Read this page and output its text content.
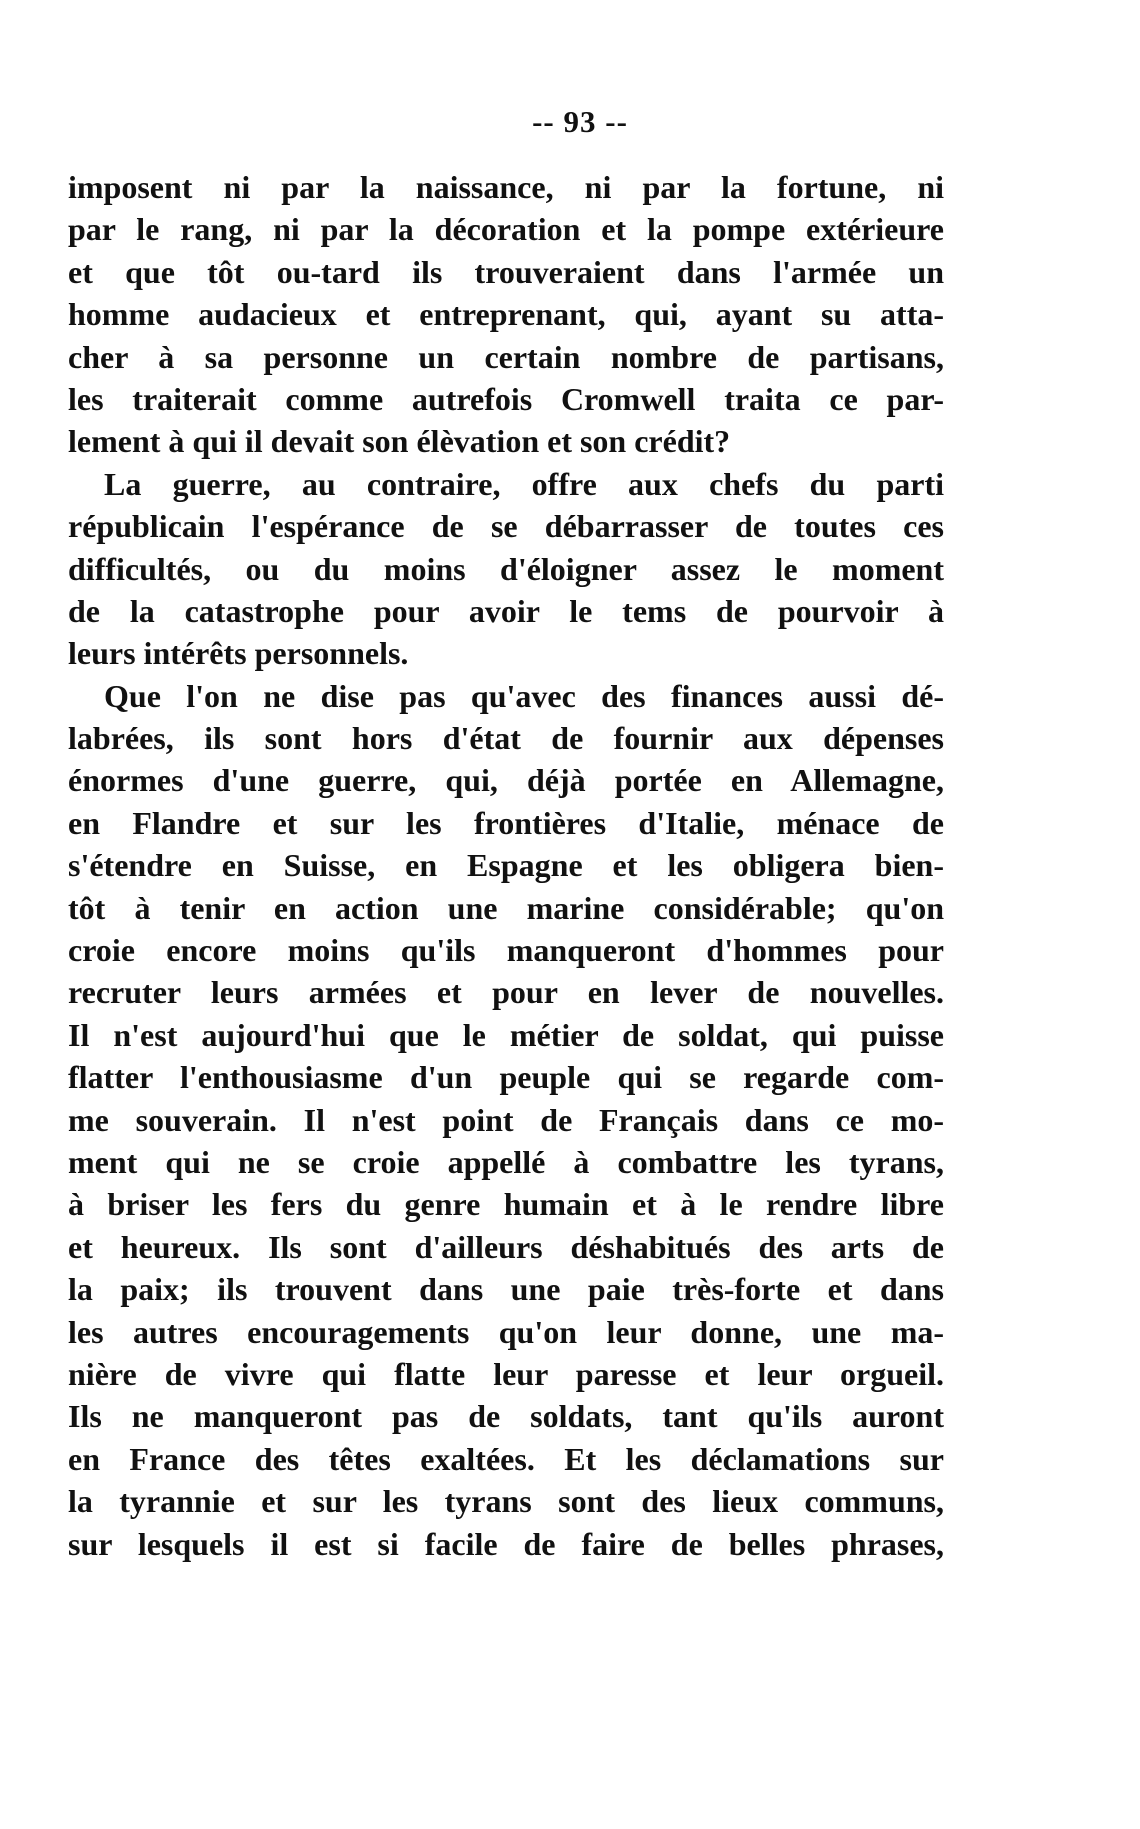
-- 93 --
imposent ni par la naissance, ni par la fortune, ni
par le rang, ni par la décoration et la pompe extérieure
et que tôt ou-tard ils trouveraient dans l'armée un
homme audacieux et entreprenant, qui, ayant su atta-
cher à sa personne un certain nombre de partisans,
les traiterait comme autrefois Cromwell traita ce par-
lement à qui il devait son élèvation et son crédit?
La guerre, au contraire, offre aux chefs du parti
républicain l'espérance de se débarrasser de toutes ces
difficultés, ou du moins d'éloigner assez le moment
de la catastrophe pour avoir le tems de pourvoir à
leurs intérêts personnels.
Que l'on ne dise pas qu'avec des finances aussi dé-
labrées, ils sont hors d'état de fournir aux dépenses
énormes d'une guerre, qui, déjà portée en Allemagne,
en Flandre et sur les frontières d'Italie, ménace de
s'étendre en Suisse, en Espagne et les obligera bien-
tôt à tenir en action une marine considérable; qu'on
croie encore moins qu'ils manqueront d'hommes pour
recruter leurs armées et pour en lever de nouvelles.
Il n'est aujourd'hui que le métier de soldat, qui puisse
flatter l'enthousiasme d'un peuple qui se regarde com-
me souverain. Il n'est point de Français dans ce mo-
ment qui ne se croie appellé à combattre les tyrans,
à briser les fers du genre humain et à le rendre libre
et heureux. Ils sont d'ailleurs déshabitués des arts de
la paix; ils trouvent dans une paie très-forte et dans
les autres encouragements qu'on leur donne, une ma-
nière de vivre qui flatte leur paresse et leur orgueil.
Ils ne manqueront pas de soldats, tant qu'ils auront
en France des têtes exaltées. Et les déclamations sur
la tyrannie et sur les tyrans sont des lieux communs,
sur lesquels il est si facile de faire de belles phrases,
